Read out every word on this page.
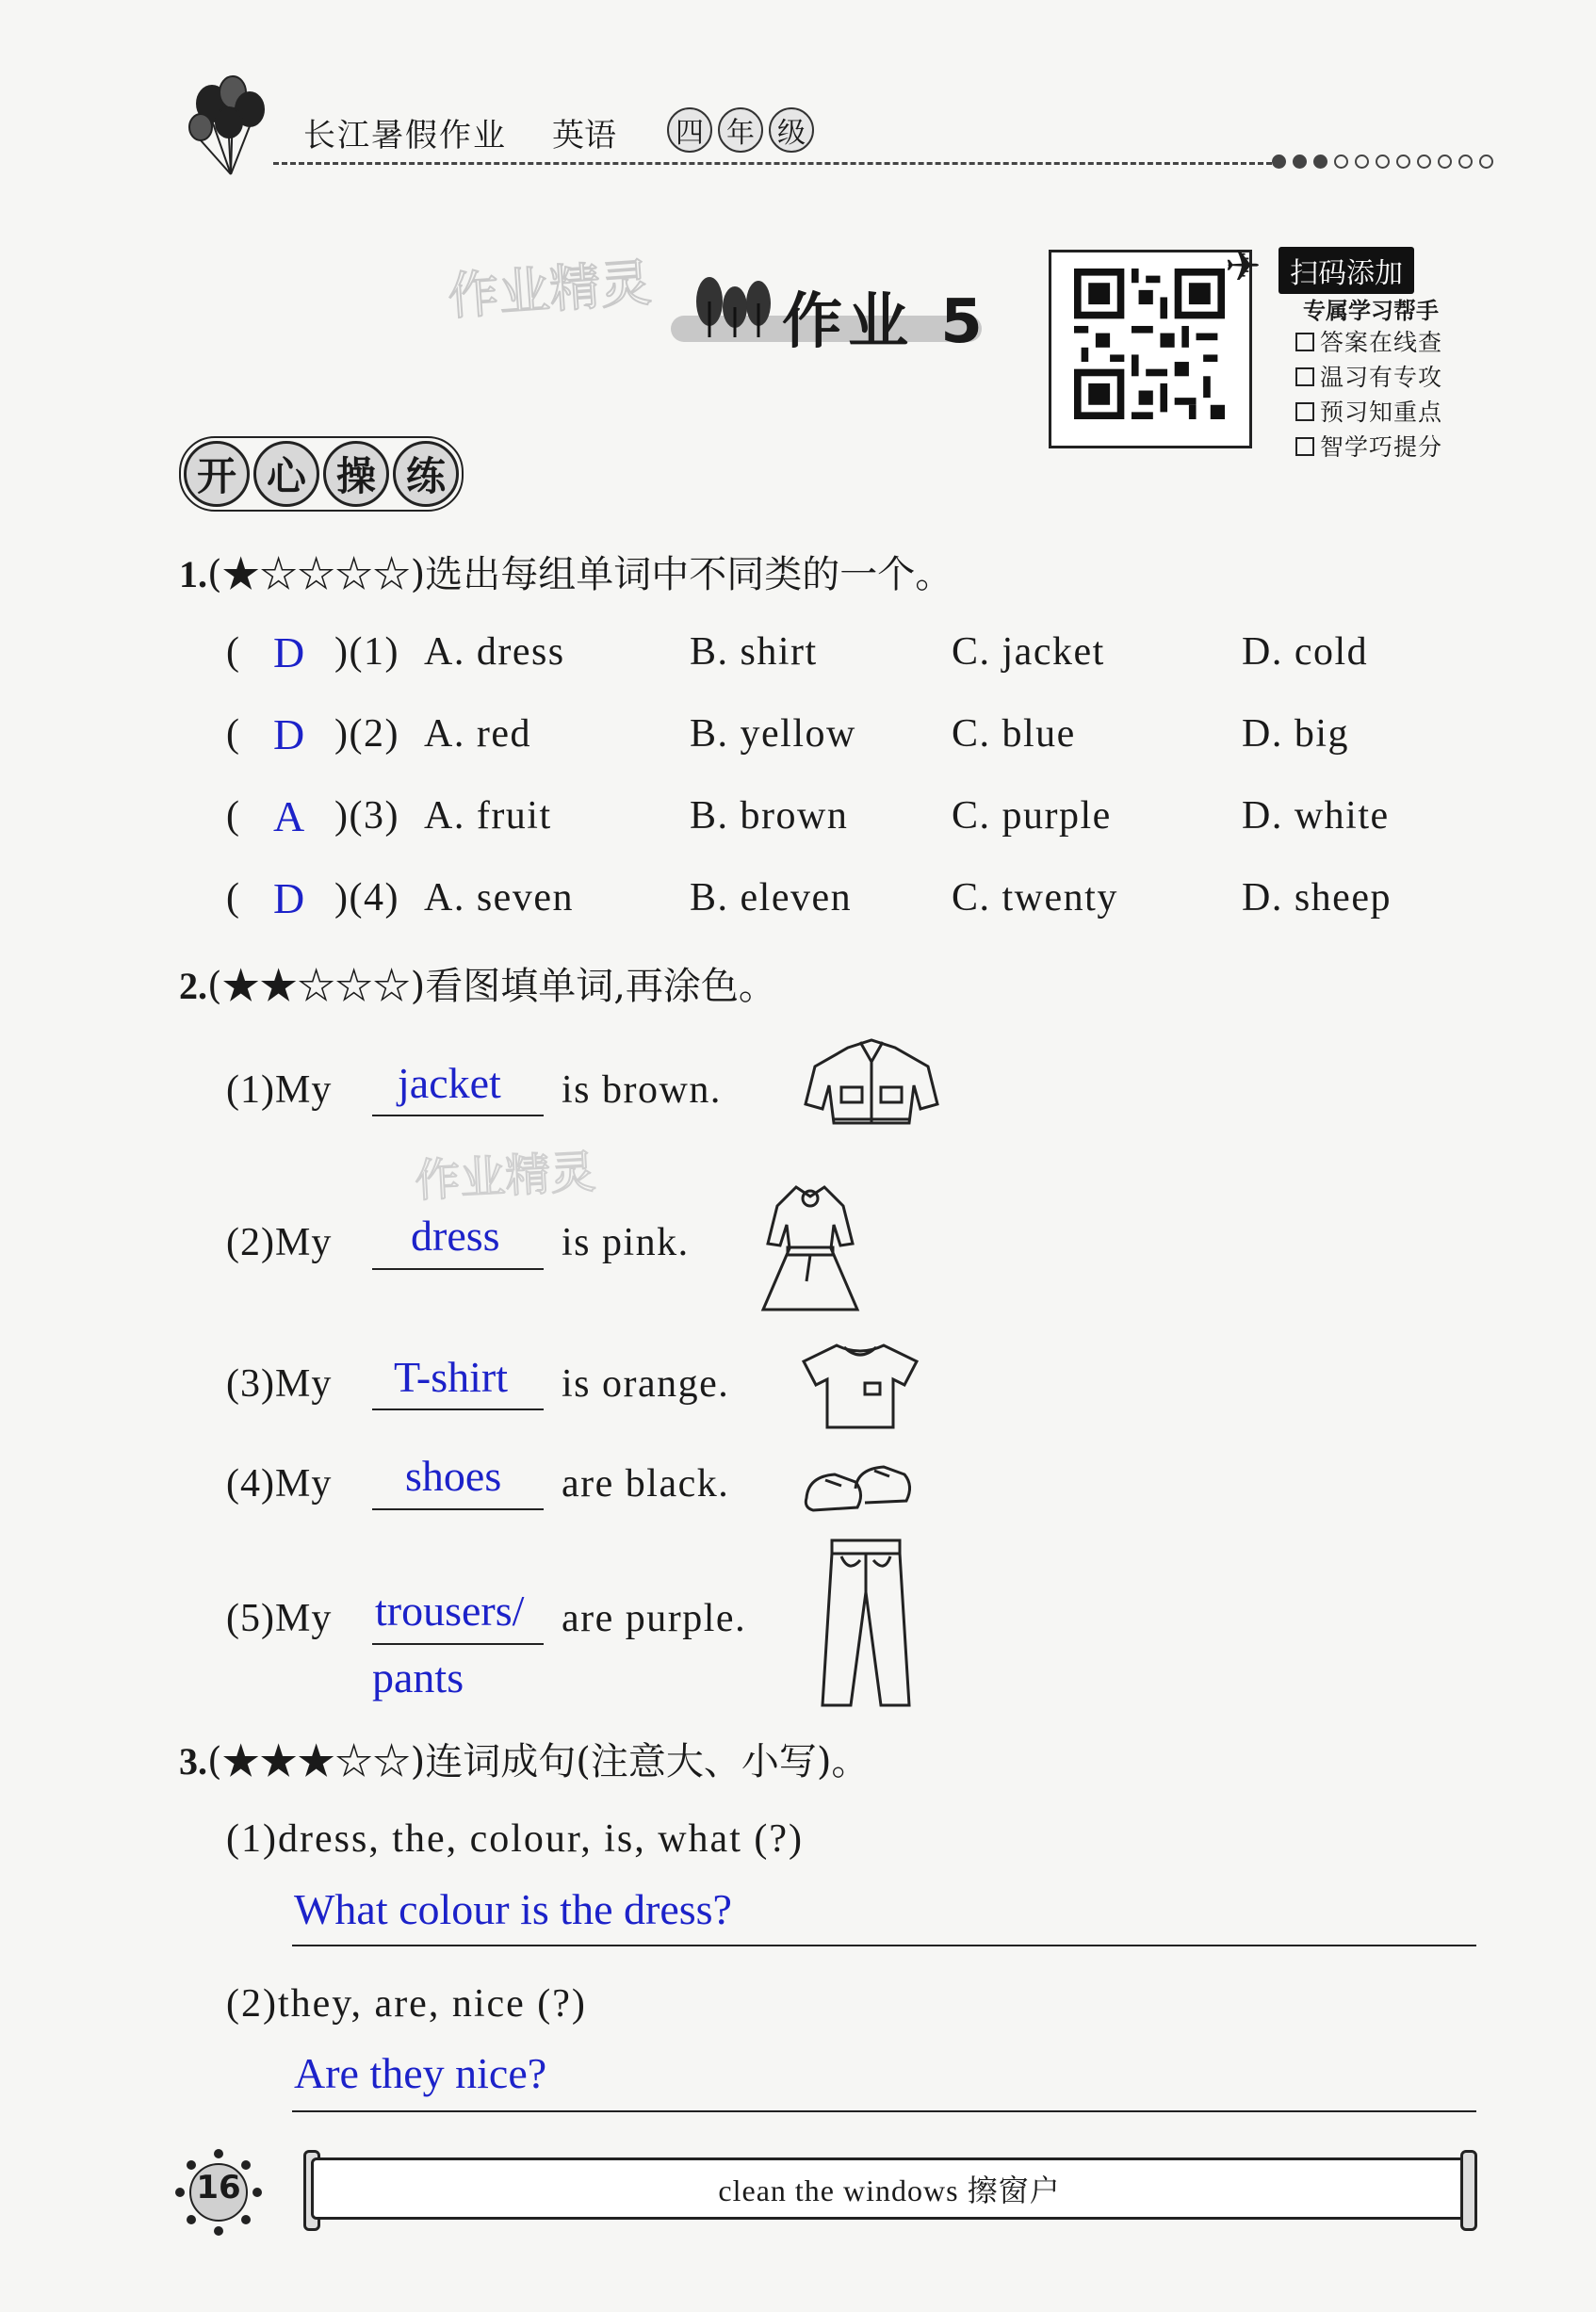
长江暑假作业 英语	四 年 级
作业精灵 作业 5
✈	扫码添加
专属学习帮手
答案在线查
温习有专攻
预习知重点
智学巧提分
开 心 操 练
1.(★☆☆☆☆)选出每组单词中不同类的一个。
( D )(1) A. dress	B. shirt	C. jacket	D. cold
( D )(2) A. red	B. yellow C. blue	D. big
( A )(3) A. fruit	B. brown	C. purple	D. white
( D )(4) A. seven	B. eleven	C. twenty	D. sheep
2.(★★☆☆☆)看图填单词,再涂色。
作业精灵
(1)My jacket is brown.
(2)My dress is pink.
(3)My T-shirt is orange.
(4)My shoes are black.
(5)My trousers/
pants
are purple.
3.(★★★☆☆)连词成句(注意大、小写)。
(1)dress, the, colour, is, what (?)
What colour is the dress?
(2)they, are, nice (?)
Are they nice?
16	clean the windows 擦窗户
